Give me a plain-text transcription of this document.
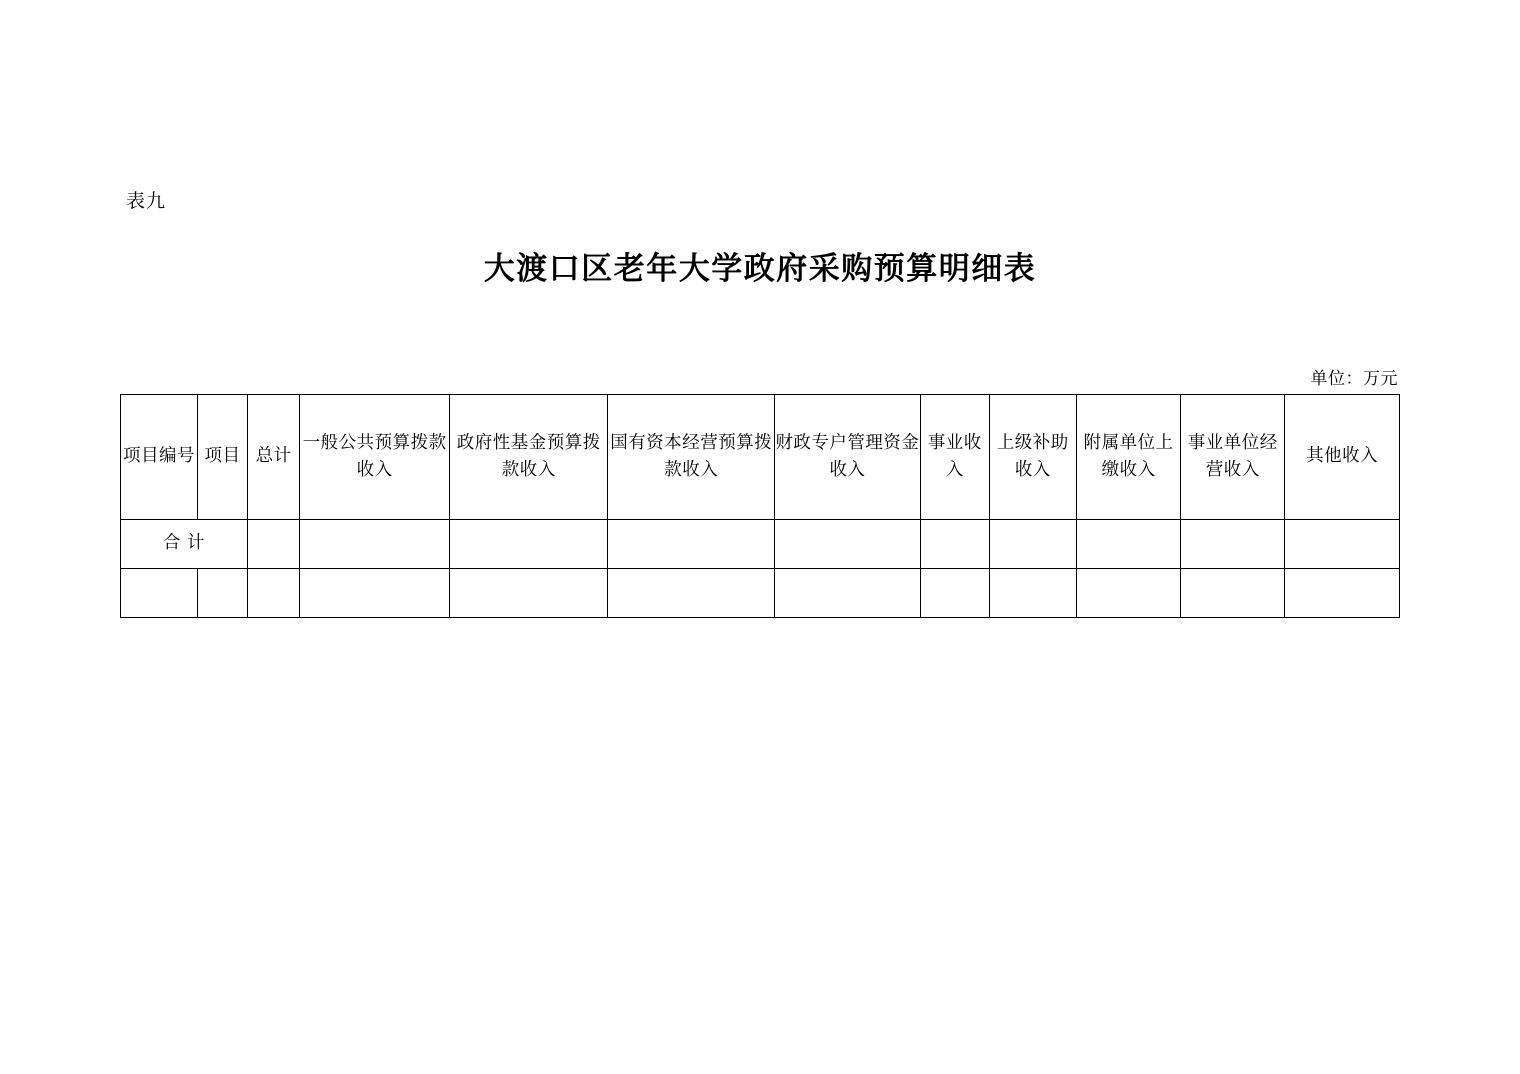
表九
大渡口区老年大学政府采购预算明细表
单位：万元
项目编号	项目	总计	一般公共预算拨款收入	政府性基金预算拨款收入	国有资本经营预算拨款收入	财政专户管理资金收入	事业收入	上级补助收入	附属单位上缴收入	事业单位经营收入	其他收入
合 计											
